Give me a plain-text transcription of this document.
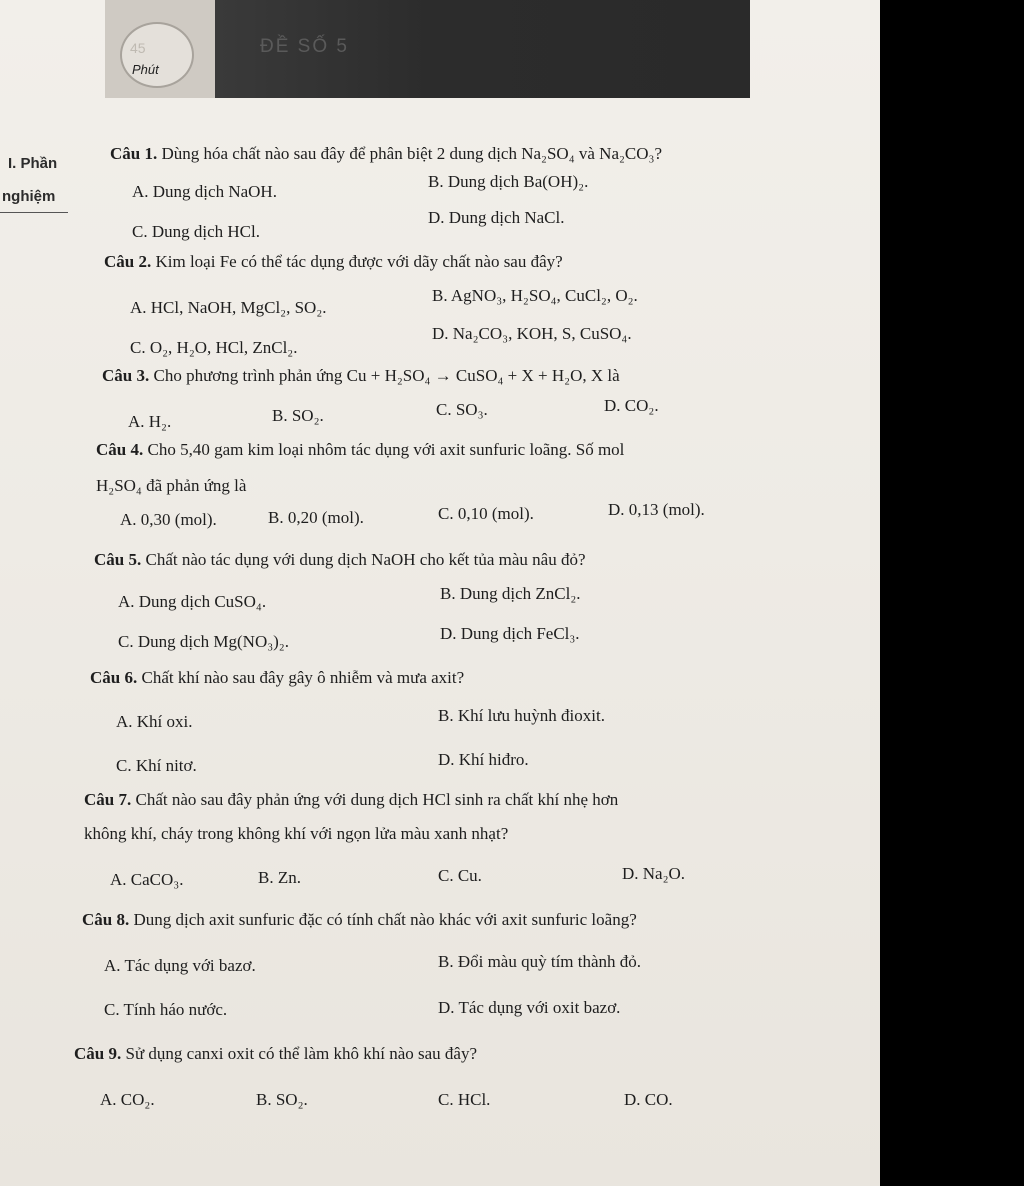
45
Phút
ĐỀ SỐ 5
I. Phần
nghiệm
Câu 1. Dùng hóa chất nào sau đây để phân biệt 2 dung dịch Na₂SO₄ và Na₂CO₃?
A. Dung dịch NaOH.
B. Dung dịch Ba(OH)₂.
C. Dung dịch HCl.
D. Dung dịch NaCl.
Câu 2. Kim loại Fe có thể tác dụng được với dãy chất nào sau đây?
A. HCl, NaOH, MgCl₂, SO₂.
B. AgNO₃, H₂SO₄, CuCl₂, O₂.
C. O₂, H₂O, HCl, ZnCl₂.
D. Na₂CO₃, KOH, S, CuSO₄.
Câu 3. Cho phương trình phản ứng Cu + H₂SO₄ → CuSO₄ + X + H₂O, X là
A. H₂.	B. SO₂.	C. SO₃.	D. CO₂.
Câu 4. Cho 5,40 gam kim loại nhôm tác dụng với axit sunfuric loãng. Số mol
H₂SO₄ đã phản ứng là
A. 0,30 (mol).	B. 0,20 (mol).	C. 0,10 (mol).	D. 0,13 (mol).
Câu 5. Chất nào tác dụng với dung dịch NaOH cho kết tủa màu nâu đỏ?
A. Dung dịch CuSO₄.	B. Dung dịch ZnCl₂.
C. Dung dịch Mg(NO₃)₂.	D. Dung dịch FeCl₃.
Câu 6. Chất khí nào sau đây gây ô nhiễm và mưa axit?
A. Khí oxi.	B. Khí lưu huỳnh đioxit.
C. Khí nitơ.	D. Khí hiđro.
Câu 7. Chất nào sau đây phản ứng với dung dịch HCl sinh ra chất khí nhẹ hơn
không khí, cháy trong không khí với ngọn lửa màu xanh nhạt?
A. CaCO₃.	B. Zn.	C. Cu.	D. Na₂O.
Câu 8. Dung dịch axit sunfuric đặc có tính chất nào khác với axit sunfuric loãng?
A. Tác dụng với bazơ.	B. Đổi màu quỳ tím thành đỏ.
C. Tính háo nước.	D. Tác dụng với oxit bazơ.
Câu 9. Sử dụng canxi oxit có thể làm khô khí nào sau đây?
A. CO₂.	B. SO₂.	C. HCl.	D. CO.
